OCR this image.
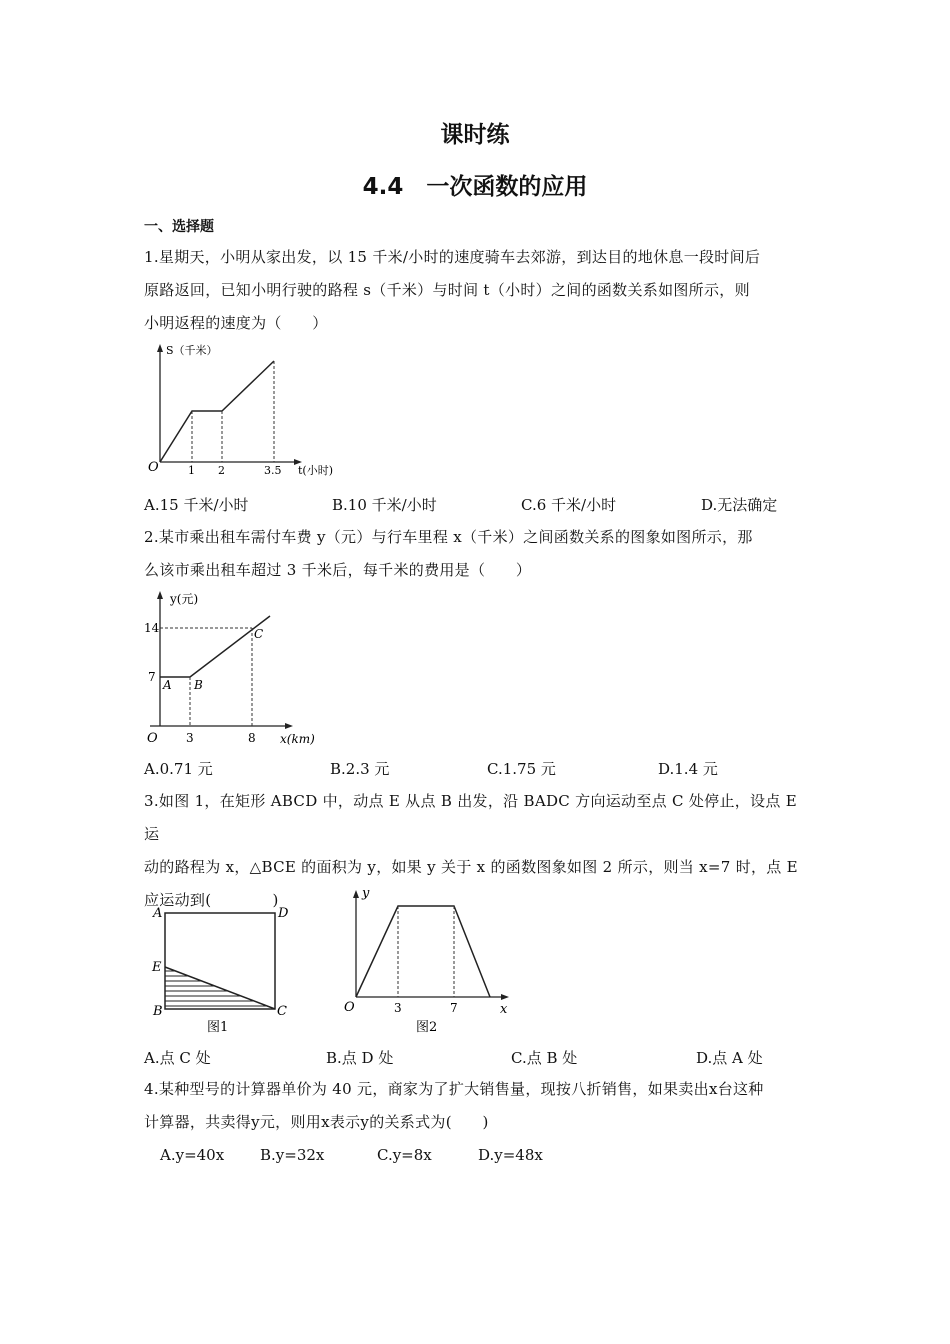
课时练
4.4　一次函数的应用
一、选择题
1.星期天，小明从家出发，以 15 千米/小时的速度骑车去郊游，到达目的地休息一段时间后
原路返回，已知小明行驶的路程 s（千米）与时间 t（小时）之间的函数关系如图所示，则
小明返程的速度为（　　）
S（千米）
t(小时)
O	1 2	3.5
A.15 千米/小时	B.10 千米/小时	C.6 千米/小时	D.无法确定
2.某市乘出租车需付车费 y（元）与行车里程 x（千米）之间函数关系的图象如图所示，那
么该市乘出租车超过 3 千米后，每千米的费用是（　　）
y(元)
x(km)
O 3	8
14
7
A B
C
A.0.71 元	B.2.3 元	C.1.75 元	D.1.4 元
3.如图 1，在矩形 ABCD 中，动点 E 从点 B 出发，沿 BADC 方向运动至点 C 处停止，设点 E 运
动的路程为 x，△BCE 的面积为 y，如果 y 关于 x 的函数图象如图 2 所示，则当 x=7 时，点 E
应运动到(　　　　)
A	D
E
B	C
图1
y
x
O	3	7
图2
A.点 C 处	B.点 D 处	C.点 B 处	D.点 A 处
4.某种型号的计算器单价为 40 元，商家为了扩大销售量，现按八折销售，如果卖出x台这种
计算器，共卖得y元，则用x表示y的关系式为(　　)
A.y=40x B.y=32x	C.y=8x	D.y=48x
